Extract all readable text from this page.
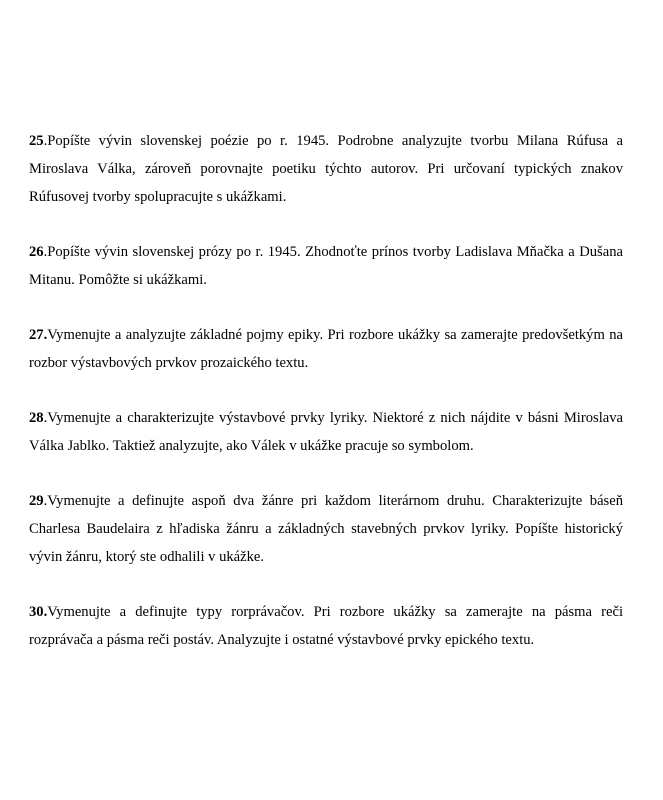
25.Popíšte vývin slovenskej poézie po r. 1945. Podrobne analyzujte tvorbu Milana Rúfusa a Miroslava Válka, zároveň porovnajte poetiku týchto autorov. Pri určovaní typických znakov Rúfusovej tvorby spolupracujte s ukážkami.
26.Popíšte vývin slovenskej prózy po r. 1945. Zhodnoťte prínos tvorby Ladislava Mňačka a Dušana Mitanu. Pomôžte si ukážkami.
27.Vymenujte a analyzujte základné pojmy epiky. Pri rozbore ukážky sa zamerajte predovšetkým na rozbor výstavbových prvkov prozaického textu.
28.Vymenujte a charakterizujte výstavbové prvky lyriky. Niektoré z nich nájdite v básni Miroslava Válka Jablko. Taktiež analyzujte, ako Válek v ukážke pracuje so symbolom.
29.Vymenujte a definujte aspoň dva žánre pri každom literárnom druhu. Charakterizujte báseň Charlesa Baudelaira z hľadiska žánru a základných stavebných prvkov lyriky. Popíšte historický vývin žánru, ktorý ste odhalili v ukážke.
30.Vymenujte a definujte typy rorprávačov. Pri rozbore ukážky sa zamerajte na pásma reči rozprávača a pásma reči postáv. Analyzujte i ostatné výstavbové prvky epického textu.
